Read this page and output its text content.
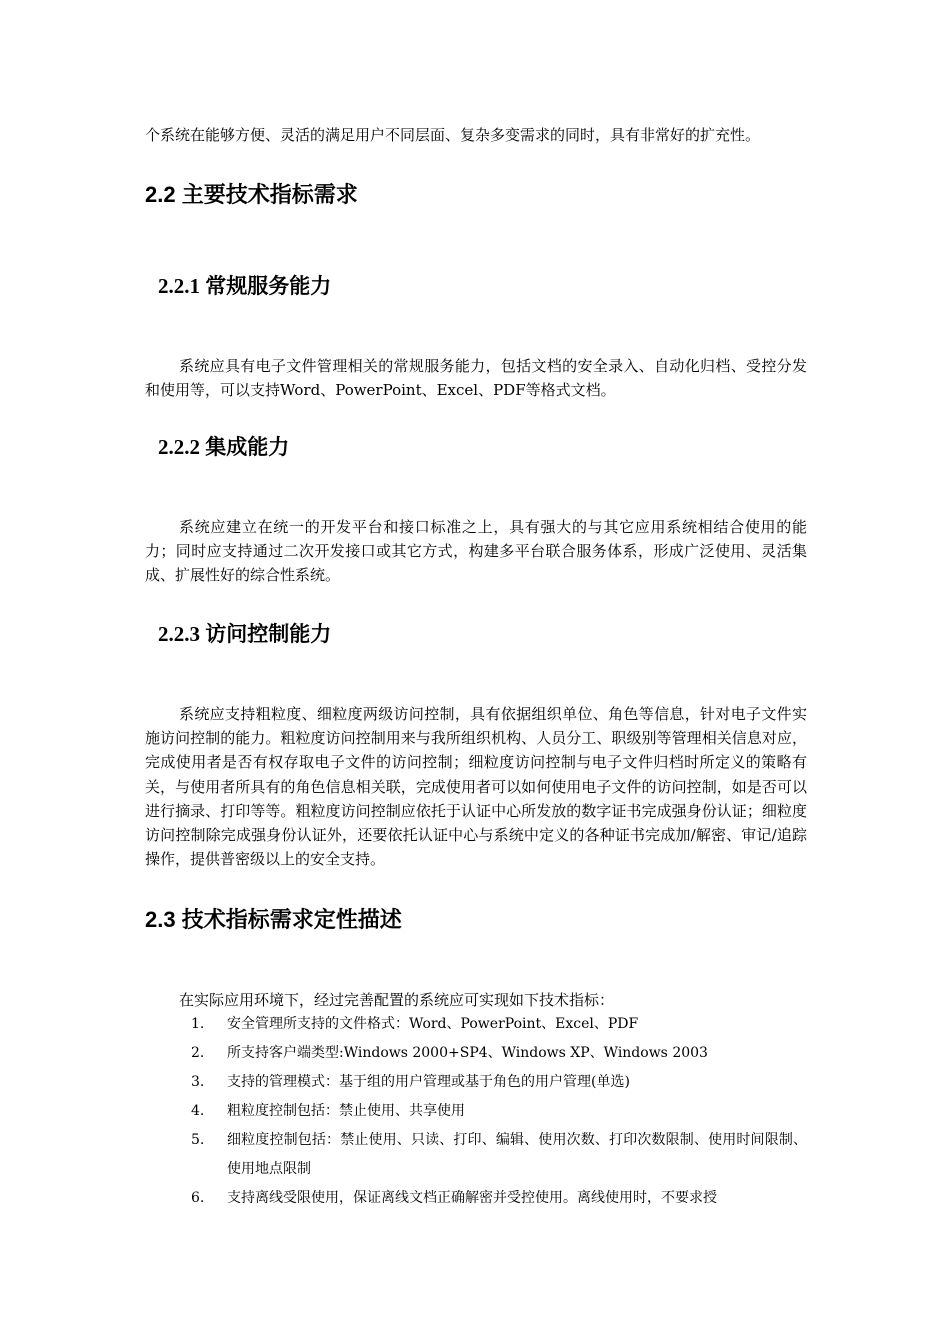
个系统在能够方便、灵活的满足用户不同层面、复杂多变需求的同时，具有非常好的扩充性。
2.2 主要技术指标需求
2.2.1 常规服务能力
系统应具有电子文件管理相关的常规服务能力，包括文档的安全录入、自动化归档、受控分发和使用等，可以支持Word、PowerPoint、Excel、PDF等格式文档。
2.2.2 集成能力
系统应建立在统一的开发平台和接口标准之上，具有强大的与其它应用系统相结合使用的能力；同时应支持通过二次开发接口或其它方式，构建多平台联合服务体系，形成广泛使用、灵活集成、扩展性好的综合性系统。
2.2.3 访问控制能力
系统应支持粗粒度、细粒度两级访问控制，具有依据组织单位、角色等信息，针对电子文件实施访问控制的能力。粗粒度访问控制用来与我所组织机构、人员分工、职级别等管理相关信息对应，完成使用者是否有权存取电子文件的访问控制；细粒度访问控制与电子文件归档时所定义的策略有关，与使用者所具有的角色信息相关联，完成使用者可以如何使用电子文件的访问控制，如是否可以进行摘录、打印等等。粗粒度访问控制应依托于认证中心所发放的数字证书完成强身份认证；细粒度访问控制除完成强身份认证外，还要依托认证中心与系统中定义的各种证书完成加/解密、审记/追踪操作，提供普密级以上的安全支持。
2.3 技术指标需求定性描述
在实际应用环境下，经过完善配置的系统应可实现如下技术指标：
1.	安全管理所支持的文件格式：Word、PowerPoint、Excel、PDF
2.	所支持客户端类型:Windows 2000+SP4、Windows XP、Windows 2003
3.	支持的管理模式：基于组的用户管理或基于角色的用户管理(单选)
4.	粗粒度控制包括：禁止使用、共享使用
5.	细粒度控制包括：禁止使用、只读、打印、编辑、使用次数、打印次数限制、使用时间限制、使用地点限制
6.	支持离线受限使用，保证离线文档正确解密并受控使用。离线使用时，不要求授
